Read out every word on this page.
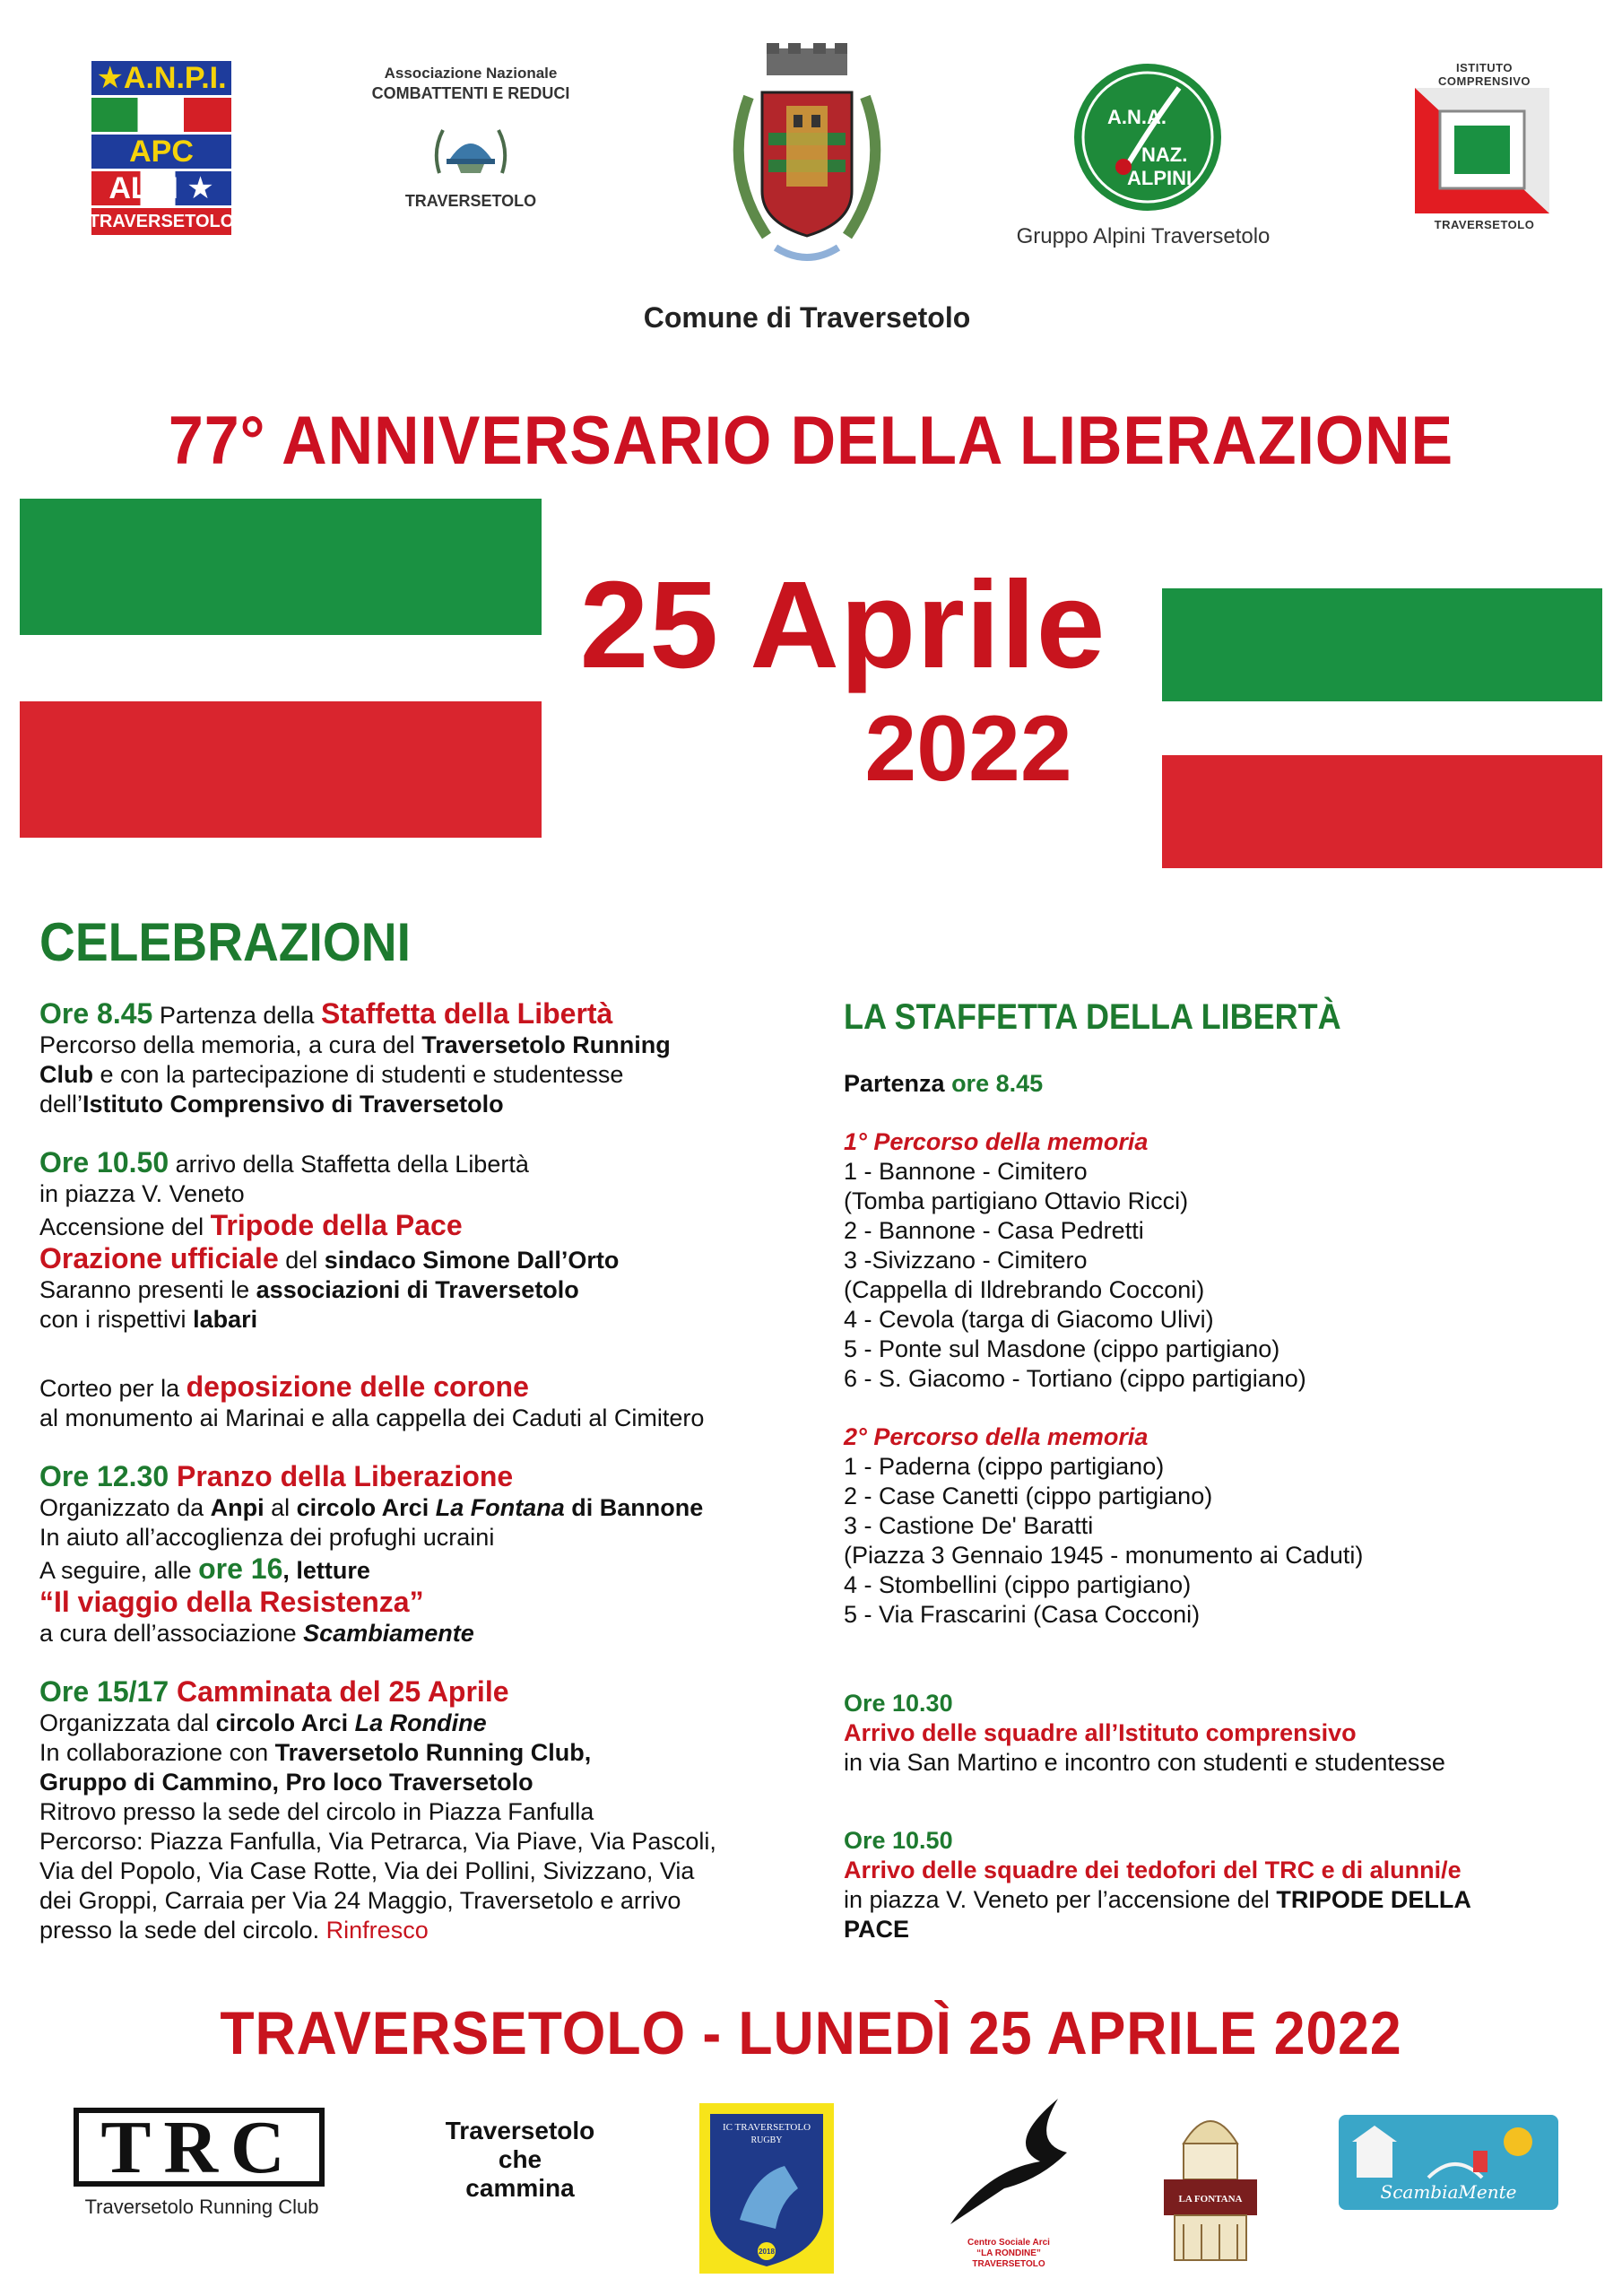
★A.N.P.I.
APC
ALPI ★
TRAVERSETOLO
Associazione Nazionale
COMBATTENTI E REDUCI
TRAVERSETOLO
Comune di Traversetolo
A.N.A.
NAZ.
ALPINI
Gruppo Alpini Traversetolo
ISTITUTO COMPRENSIVO
TRAVERSETOLO
77° ANNIVERSARIO DELLA LIBERAZIONE
25 Aprile
2022
CELEBRAZIONI

Ore 8.45 Partenza della Staffetta della Libertà

Percorso della memoria, a cura del Traversetolo Running

Club e con la partecipazione di studenti e studentesse

dell’Istituto Comprensivo di Traversetolo

Ore 10.50 arrivo della Staffetta della Libertà

in piazza V. Veneto

Accensione del Tripode della Pace

Orazione ufficiale del sindaco Simone Dall’Orto

Saranno presenti le associazioni di Traversetolo

con i rispettivi labari

Corteo per la deposizione delle corone

al monumento ai Marinai e alla cappella dei Caduti al Cimitero

Ore 12.30 Pranzo della Liberazione

Organizzato da Anpi al circolo Arci La Fontana di Bannone

In aiuto all’accoglienza dei profughi ucraini

A seguire, alle ore 16, letture

“Il viaggio della Resistenza”

a cura dell’associazione Scambiamente

Ore 15/17 Camminata del 25 Aprile

Organizzata dal circolo Arci La Rondine

In collaborazione con Traversetolo Running Club,

Gruppo di Cammino, Pro loco Traversetolo

Ritrovo presso la sede del circolo in Piazza Fanfulla

Percorso: Piazza Fanfulla, Via Petrarca, Via Piave, Via Pascoli,

Via del Popolo, Via Case Rotte, Via dei Pollini, Sivizzano, Via

dei Groppi, Carraia per Via 24 Maggio, Traversetolo e arrivo

presso la sede del circolo. Rinfresco

LA STAFFETTA DELLA LIBERTÀ

Partenza ore 8.45

1° Percorso della memoria

1 - Bannone - Cimitero

(Tomba partigiano Ottavio Ricci)

2 - Bannone - Casa Pedretti

3 -Sivizzano - Cimitero

(Cappella di Ildrebrando Cocconi)

4 - Cevola (targa di Giacomo Ulivi)

5 - Ponte sul Masdone (cippo partigiano)

6 - S. Giacomo - Tortiano (cippo partigiano)

2° Percorso della memoria

1 - Paderna (cippo partigiano)

2 - Case Canetti (cippo partigiano)

3 - Castione De' Baratti

(Piazza 3 Gennaio 1945 - monumento ai Caduti)

4 - Stombellini (cippo partigiano)

5 - Via Frascarini (Casa Cocconi)

Ore 10.30

Arrivo delle squadre all’Istituto comprensivo

in via San Martino e incontro con studenti e studentesse

Ore 10.50

Arrivo delle squadre dei tedofori del TRC e di alunni/e

in piazza V. Veneto per l’accensione del TRIPODE DELLA

PACE

TRAVERSETOLO - LUNEDÌ 25 APRILE 2022
TRC
Traversetolo Running Club
Traversetolo
che
cammina
IC TRAVERSETOLO
RUGBY
2018
Centro Sociale Arci
“LA RONDINE”
TRAVERSETOLO
LA FONTANA	ScambiaMente
